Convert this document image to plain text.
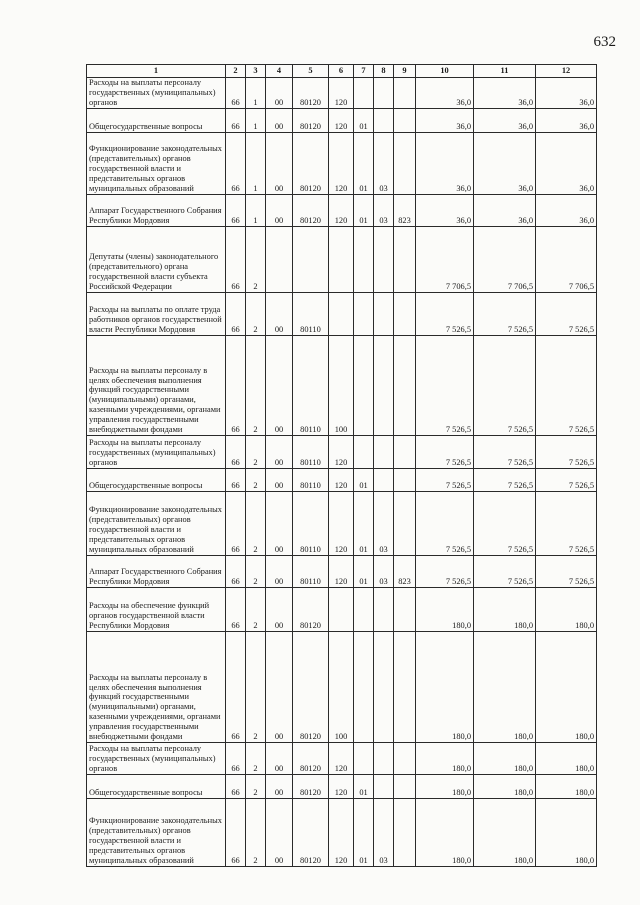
632
1	2	3	4	5	6	7	8	9	10	11	12
Расходы на выплаты персоналу государственных (муниципальных) органов	66	1	00	80120	120				36,0	36,0	36,0
Общегосударственные вопросы	66	1	00	80120	120	01			36,0	36,0	36,0
Функционирование законодательных (представительных) органов государственной власти и представительных органов муниципальных образований	66	1	00	80120	120	01	03		36,0	36,0	36,0
Аппарат Государственного Собрания Республики Мордовия	66	1	00	80120	120	01	03	823	36,0	36,0	36,0
Депутаты (члены) законодательного (представительного) органа государственной власти субъекта Российской Федерации	66	2							7 706,5	7 706,5	7 706,5
Расходы на выплаты по оплате труда работников органов государственной власти Республики Мордовия	66	2	00	80110					7 526,5	7 526,5	7 526,5
Расходы на выплаты персоналу в целях обеспечения выполнения функций государственными (муниципальными) органами, казенными учреждениями, органами управления государственными внебюджетными фондами	66	2	00	80110	100				7 526,5	7 526,5	7 526,5
Расходы на выплаты персоналу государственных (муниципальных) органов	66	2	00	80110	120				7 526,5	7 526,5	7 526,5
Общегосударственные вопросы	66	2	00	80110	120	01			7 526,5	7 526,5	7 526,5
Функционирование законодательных (представительных) органов государственной власти и представительных органов муниципальных образований	66	2	00	80110	120	01	03		7 526,5	7 526,5	7 526,5
Аппарат Государственного Собрания Республики Мордовия	66	2	00	80110	120	01	03	823	7 526,5	7 526,5	7 526,5
Расходы на обеспечение функций органов государственной власти Республики Мордовия	66	2	00	80120					180,0	180,0	180,0
Расходы на выплаты персоналу в целях обеспечения выполнения функций государственными (муниципальными) органами, казенными учреждениями, органами управления государственными внебюджетными фондами	66	2	00	80120	100				180,0	180,0	180,0
Расходы на выплаты персоналу государственных (муниципальных) органов	66	2	00	80120	120				180,0	180,0	180,0
Общегосударственные вопросы	66	2	00	80120	120	01			180,0	180,0	180,0
Функционирование законодательных (представительных) органов государственной власти и представительных органов муниципальных образований	66	2	00	80120	120	01	03		180,0	180,0	180,0
